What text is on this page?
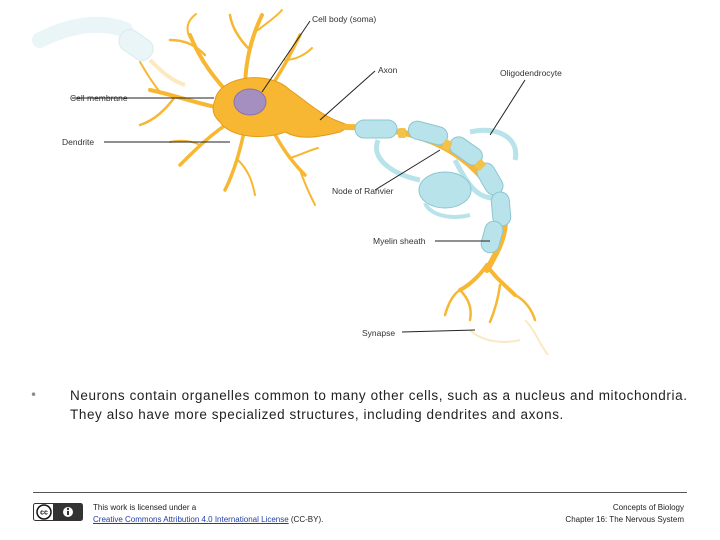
Cell body (soma)
Axon	Oligodendrocyte
Cell membrane
Dendrite
Node of Ranvier
Myelin sheath
Synapse
• Neurons contain organelles common to many other cells, such as a nucleus and mitochondria. They also have more specialized structures, including dendrites and axons.
cc
This work is licensed under a
Creative Commons Attribution 4.0 International License (CC-BY).
Concepts of Biology
Chapter 16: The Nervous System
